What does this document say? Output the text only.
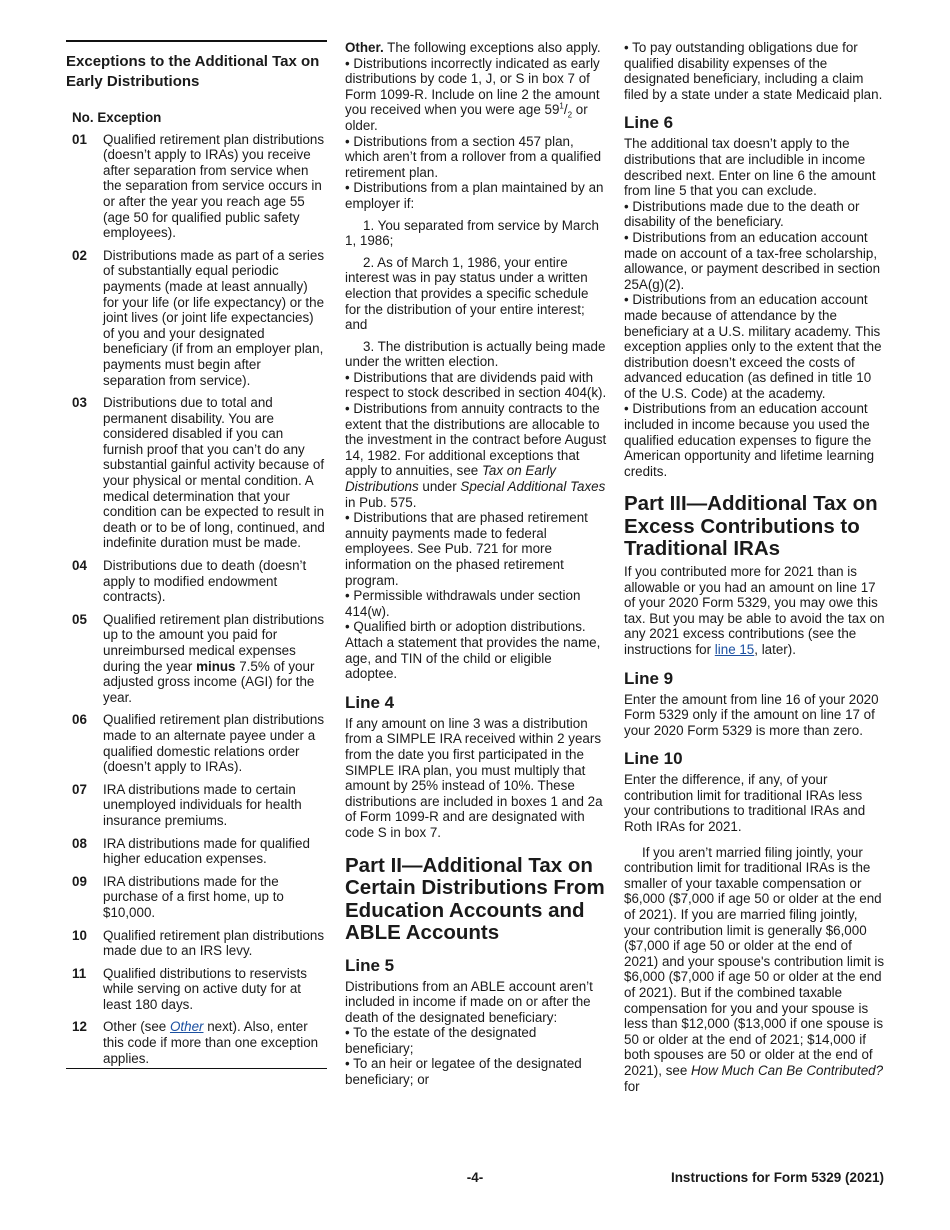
Exceptions to the Additional Tax on Early Distributions
No. Exception
01	Qualified retirement plan distributions (doesn’t apply to IRAs) you receive after separation from service when the separation from service occurs in or after the year you reach age 55 (age 50 for qualified public safety employees).
02	Distributions made as part of a series of substantially equal periodic payments (made at least annually) for your life (or life expectancy) or the joint lives (or joint life expectancies) of you and your designated beneficiary (if from an employer plan, payments must begin after separation from service).
03	Distributions due to total and permanent disability. You are considered disabled if you can furnish proof that you can’t do any substantial gainful activity because of your physical or mental condition. A medical determination that your condition can be expected to result in death or to be of long, continued, and indefinite duration must be made.
04	Distributions due to death (doesn’t apply to modified endowment contracts).
05	Qualified retirement plan distributions up to the amount you paid for unreimbursed medical expenses during the year minus 7.5% of your adjusted gross income (AGI) for the year.
06	Qualified retirement plan distributions made to an alternate payee under a qualified domestic relations order (doesn’t apply to IRAs).
07	IRA distributions made to certain unemployed individuals for health insurance premiums.
08	IRA distributions made for qualified higher education expenses.
09	IRA distributions made for the purchase of a first home, up to $10,000.
10	Qualified retirement plan distributions made due to an IRS levy.
11	Qualified distributions to reservists while serving on active duty for at least 180 days.
12	Other (see Other next). Also, enter this code if more than one exception applies.

Other. The following exceptions also apply.

• Distributions incorrectly indicated as early distributions by code 1, J, or S in box 7 of Form 1099-R. Include on line 2 the amount you received when you were age $59^1/_2$ or older.

• Distributions from a section 457 plan, which aren’t from a rollover from a qualified retirement plan.

• Distributions from a plan maintained by an employer if:

1. You separated from service by March 1, 1986;

2. As of March 1, 1986, your entire interest was in pay status under a written election that provides a specific schedule for the distribution of your entire interest; and

3. The distribution is actually being made under the written election.

• Distributions that are dividends paid with respect to stock described in section 404(k).

• Distributions from annuity contracts to the extent that the distributions are allocable to the investment in the contract before August 14, 1982. For additional exceptions that apply to annuities, see Tax on Early Distributions under Special Additional Taxes in Pub. 575.

• Distributions that are phased retirement annuity payments made to federal employees. See Pub. 721 for more information on the phased retirement program.

• Permissible withdrawals under section 414(w).

• Qualified birth or adoption distributions. Attach a statement that provides the name, age, and TIN of the child or eligible adoptee.

Line 4

If any amount on line 3 was a distribution from a SIMPLE IRA received within 2 years from the date you first participated in the SIMPLE IRA plan, you must multiply that amount by 25% instead of 10%. These distributions are included in boxes 1 and 2a of Form 1099-R and are designated with code S in box 7.

Part II—Additional Tax on Certain Distributions From Education Accounts and ABLE Accounts
Line 5

Distributions from an ABLE account aren’t included in income if made on or after the death of the designated beneficiary:

• To the estate of the designated beneficiary;

• To an heir or legatee of the designated beneficiary; or

• To pay outstanding obligations due for qualified disability expenses of the designated beneficiary, including a claim filed by a state under a state Medicaid plan.

Line 6

The additional tax doesn’t apply to the distributions that are includible in income described next. Enter on line 6 the amount from line 5 that you can exclude.

• Distributions made due to the death or disability of the beneficiary.

• Distributions from an education account made on account of a tax-free scholarship, allowance, or payment described in section 25A(g)(2).

• Distributions from an education account made because of attendance by the beneficiary at a U.S. military academy. This exception applies only to the extent that the distribution doesn’t exceed the costs of advanced education (as defined in title 10 of the U.S. Code) at the academy.

• Distributions from an education account included in income because you used the qualified education expenses to figure the American opportunity and lifetime learning credits.

Part III—Additional Tax on Excess Contributions to Traditional IRAs

If you contributed more for 2021 than is allowable or you had an amount on line 17 of your 2020 Form 5329, you may owe this tax. But you may be able to avoid the tax on any 2021 excess contributions (see the instructions for line 15, later).

Line 9

Enter the amount from line 16 of your 2020 Form 5329 only if the amount on line 17 of your 2020 Form 5329 is more than zero.

Line 10

Enter the difference, if any, of your contribution limit for traditional IRAs less your contributions to traditional IRAs and Roth IRAs for 2021.

If you aren’t married filing jointly, your contribution limit for traditional IRAs is the smaller of your taxable compensation or $6,000 ($7,000 if age 50 or older at the end of 2021). If you are married filing jointly, your contribution limit is generally $6,000 ($7,000 if age 50 or older at the end of 2021) and your spouse's contribution limit is $6,000 ($7,000 if age 50 or older at the end of 2021). But if the combined taxable compensation for you and your spouse is less than $12,000 ($13,000 if one spouse is 50 or older at the end of 2021; $14,000 if both spouses are 50 or older at the end of 2021), see How Much Can Be Contributed? for

-4-	Instructions for Form 5329 (2021)
